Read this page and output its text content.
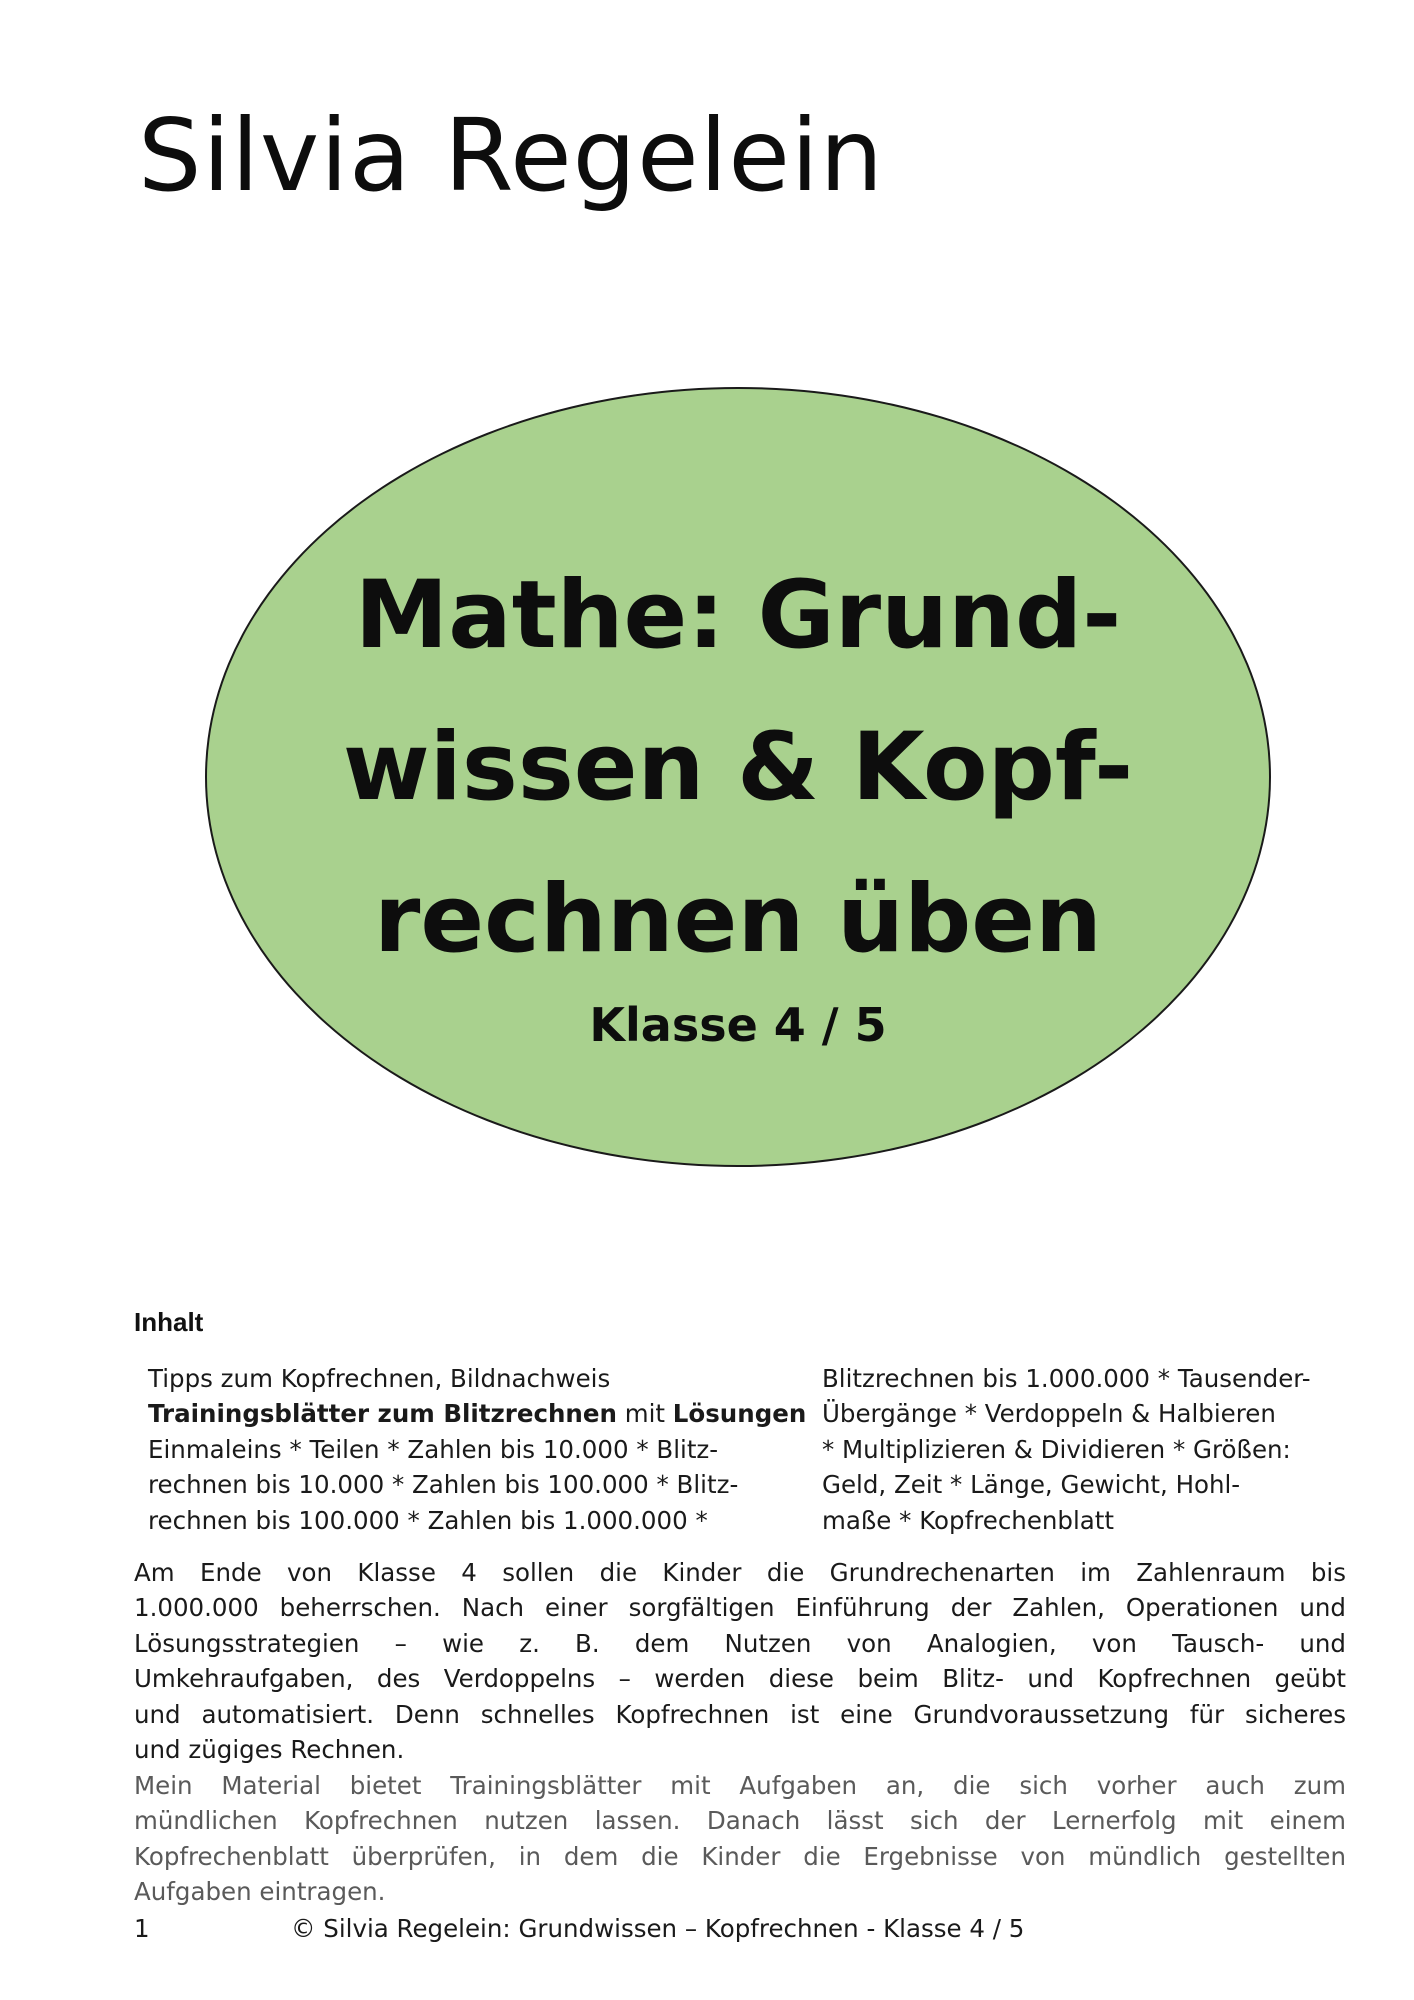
Silvia Regelein
Mathe: Grund-
wissen & Kopf-
rechnen üben
Klasse 4 / 5
Inhalt
Tipps zum Kopfrechnen, Bildnachweis
Trainingsblätter zum Blitzrechnen mit Lösungen
Einmaleins * Teilen * Zahlen bis 10.000 * Blitz-
rechnen bis 10.000 * Zahlen bis 100.000 * Blitz-
rechnen bis 100.000 * Zahlen bis 1.000.000 *
Blitzrechnen bis 1.000.000 * Tausender-
Übergänge * Verdoppeln & Halbieren
* Multiplizieren & Dividieren * Größen:
Geld, Zeit * Länge, Gewicht, Hohl-
maße * Kopfrechenblatt
Am Ende von Klasse 4 sollen die Kinder die Grundrechenarten im Zahlenraum bis
1.000.000 beherrschen. Nach einer sorgfältigen Einführung der Zahlen, Operationen und
Lösungsstrategien – wie z. B. dem Nutzen von Analogien, von Tausch- und
Umkehraufgaben, des Verdoppelns – werden diese beim Blitz- und Kopfrechnen geübt
und automatisiert. Denn schnelles Kopfrechnen ist eine Grundvoraussetzung für sicheres
und zügiges Rechnen.
Mein Material bietet Trainingsblätter mit Aufgaben an, die sich vorher auch zum
mündlichen Kopfrechnen nutzen lassen. Danach lässt sich der Lernerfolg mit einem
Kopfrechenblatt überprüfen, in dem die Kinder die Ergebnisse von mündlich gestellten
Aufgaben eintragen.
1	© Silvia Regelein: Grundwissen – Kopfrechnen - Klasse 4 / 5
